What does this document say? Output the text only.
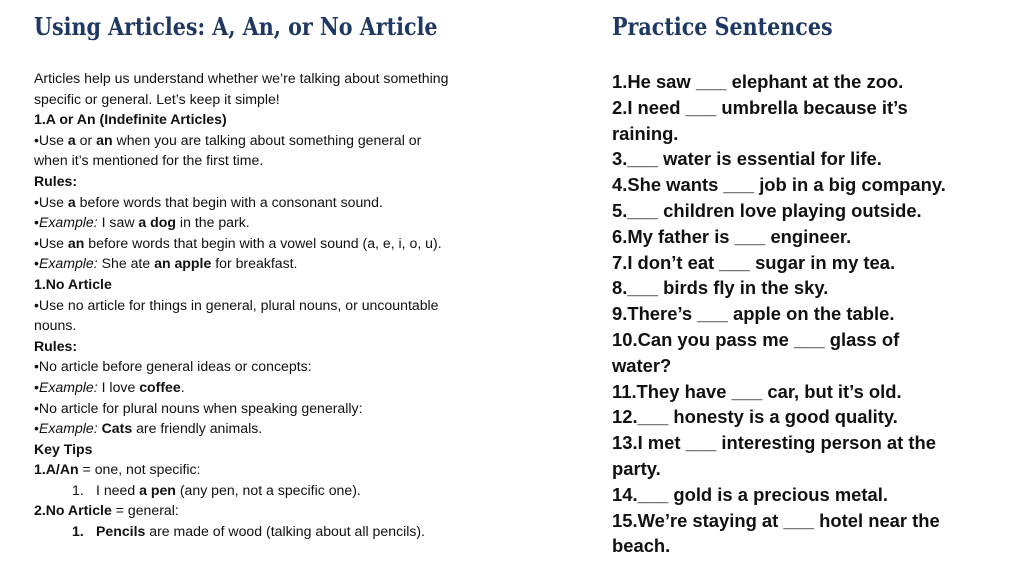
Using Articles: A, An, or No Article
Articles help us understand whether we’re talking about something
specific or general. Let’s keep it simple!
1.A or An (Indefinite Articles)
•Use a or an when you are talking about something general or
when it’s mentioned for the first time.
Rules:
•Use a before words that begin with a consonant sound.
•Example: I saw a dog in the park.
•Use an before words that begin with a vowel sound (a, e, i, o, u).
•Example: She ate an apple for breakfast.
1.No Article
•Use no article for things in general, plural nouns, or uncountable
nouns.
Rules:
•No article before general ideas or concepts:
•Example: I love coffee.
•No article for plural nouns when speaking generally:
•Example: Cats are friendly animals.
Key Tips
1.A/An = one, not specific:
1. I need a pen (any pen, not a specific one).
2.No Article = general:
1. Pencils are made of wood (talking about all pencils).
Practice Sentences
1.He saw ___ elephant at the zoo.
2.I need ___ umbrella because it’s
raining.
3.___ water is essential for life.
4.She wants ___ job in a big company.
5.___ children love playing outside.
6.My father is ___ engineer.
7.I don’t eat ___ sugar in my tea.
8.___ birds fly in the sky.
9.There’s ___ apple on the table.
10.Can you pass me ___ glass of
water?
11.They have ___ car, but it’s old.
12.___ honesty is a good quality.
13.I met ___ interesting person at the
party.
14.___ gold is a precious metal.
15.We’re staying at ___ hotel near the
beach.
